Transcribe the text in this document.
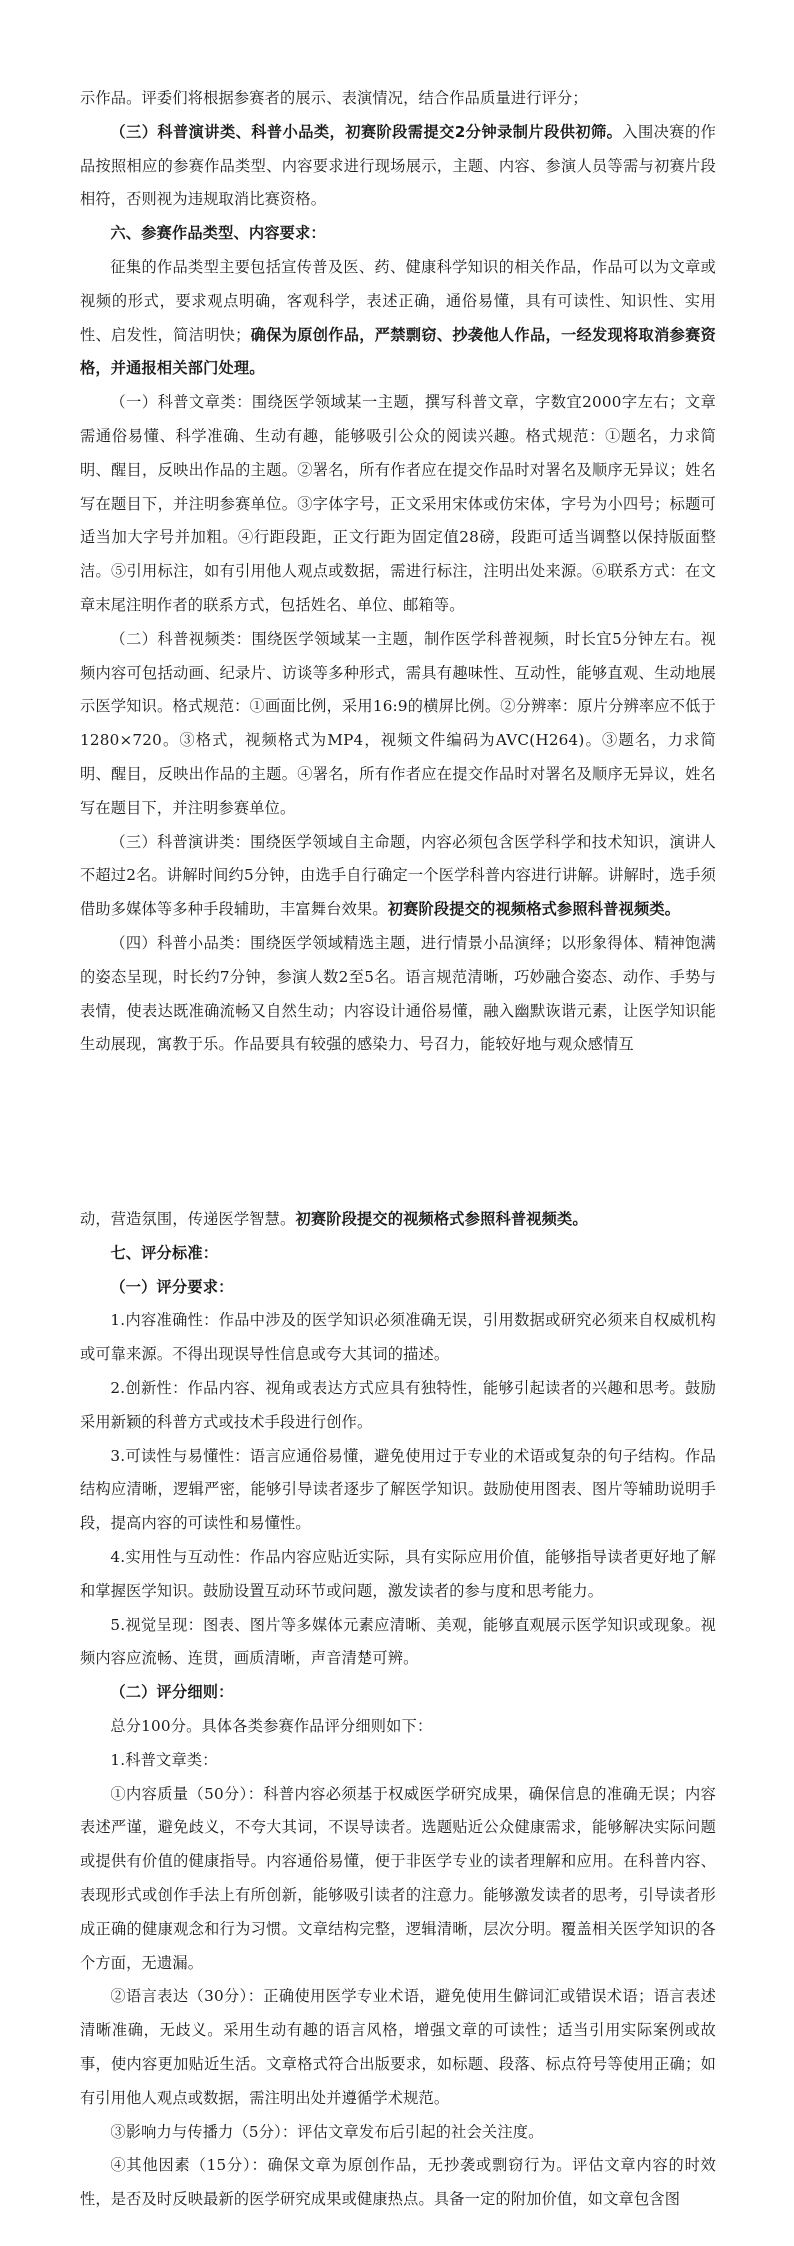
示作品。评委们将根据参赛者的展示、表演情况，结合作品质量进行评分；

（三）科普演讲类、科普小品类，初赛阶段需提交2分钟录制片段供初筛。入围决赛的作品按照相应的参赛作品类型、内容要求进行现场展示，主题、内容、参演人员等需与初赛片段相符，否则视为违规取消比赛资格。

六、参赛作品类型、内容要求：

征集的作品类型主要包括宣传普及医、药、健康科学知识的相关作品，作品可以为文章或视频的形式，要求观点明确，客观科学，表述正确，通俗易懂，具有可读性、知识性、实用性、启发性，简洁明快；确保为原创作品，严禁剽窃、抄袭他人作品，一经发现将取消参赛资格，并通报相关部门处理。

（一）科普文章类：围绕医学领域某一主题，撰写科普文章，字数宜2000字左右；文章需通俗易懂、科学准确、生动有趣，能够吸引公众的阅读兴趣。格式规范：①题名，力求简明、醒目，反映出作品的主题。②署名，所有作者应在提交作品时对署名及顺序无异议；姓名写在题目下，并注明参赛单位。③字体字号，正文采用宋体或仿宋体，字号为小四号；标题可适当加大字号并加粗。④行距段距，正文行距为固定值28磅，段距可适当调整以保持版面整洁。⑤引用标注，如有引用他人观点或数据，需进行标注，注明出处来源。⑥联系方式：在文章末尾注明作者的联系方式，包括姓名、单位、邮箱等。

（二）科普视频类：围绕医学领域某一主题，制作医学科普视频，时长宜5分钟左右。视频内容可包括动画、纪录片、访谈等多种形式，需具有趣味性、互动性，能够直观、生动地展示医学知识。格式规范：①画面比例，采用16:9的横屏比例。②分辨率：原片分辨率应不低于1280×720。③格式，视频格式为MP4，视频文件编码为AVC(H264)。③题名，力求简明、醒目，反映出作品的主题。④署名，所有作者应在提交作品时对署名及顺序无异议，姓名写在题目下，并注明参赛单位。

（三）科普演讲类：围绕医学领域自主命题，内容必须包含医学科学和技术知识，演讲人不超过2名。讲解时间约5分钟，由选手自行确定一个医学科普内容进行讲解。讲解时，选手须借助多媒体等多种手段辅助，丰富舞台效果。初赛阶段提交的视频格式参照科普视频类。

（四）科普小品类：围绕医学领域精选主题，进行情景小品演绎；以形象得体、精神饱满的姿态呈现，时长约7分钟，参演人数2至5名。语言规范清晰，巧妙融合姿态、动作、手势与表情，使表达既准确流畅又自然生动；内容设计通俗易懂，融入幽默诙谐元素，让医学知识能生动展现，寓教于乐。作品要具有较强的感染力、号召力，能较好地与观众感情互

动，营造氛围，传递医学智慧。初赛阶段提交的视频格式参照科普视频类。

七、评分标准：

（一）评分要求：

1.内容准确性：作品中涉及的医学知识必须准确无误，引用数据或研究必须来自权威机构或可靠来源。不得出现误导性信息或夸大其词的描述。

2.创新性：作品内容、视角或表达方式应具有独特性，能够引起读者的兴趣和思考。鼓励采用新颖的科普方式或技术手段进行创作。

3.可读性与易懂性：语言应通俗易懂，避免使用过于专业的术语或复杂的句子结构。作品结构应清晰，逻辑严密，能够引导读者逐步了解医学知识。鼓励使用图表、图片等辅助说明手段，提高内容的可读性和易懂性。

4.实用性与互动性：作品内容应贴近实际，具有实际应用价值，能够指导读者更好地了解和掌握医学知识。鼓励设置互动环节或问题，激发读者的参与度和思考能力。

5.视觉呈现：图表、图片等多媒体元素应清晰、美观，能够直观展示医学知识或现象。视频内容应流畅、连贯，画质清晰，声音清楚可辨。

（二）评分细则：

总分100分。具体各类参赛作品评分细则如下：

1.科普文章类：

①内容质量（50分）：科普内容必须基于权威医学研究成果，确保信息的准确无误；内容表述严谨，避免歧义，不夸大其词，不误导读者。选题贴近公众健康需求，能够解决实际问题或提供有价值的健康指导。内容通俗易懂，便于非医学专业的读者理解和应用。在科普内容、表现形式或创作手法上有所创新，能够吸引读者的注意力。能够激发读者的思考，引导读者形成正确的健康观念和行为习惯。文章结构完整，逻辑清晰，层次分明。覆盖相关医学知识的各个方面，无遗漏。

②语言表达（30分）：正确使用医学专业术语，避免使用生僻词汇或错误术语；语言表述清晰准确，无歧义。采用生动有趣的语言风格，增强文章的可读性；适当引用实际案例或故事，使内容更加贴近生活。文章格式符合出版要求，如标题、段落、标点符号等使用正确；如有引用他人观点或数据，需注明出处并遵循学术规范。

③影响力与传播力（5分）：评估文章发布后引起的社会关注度。

④其他因素（15分）：确保文章为原创作品，无抄袭或剽窃行为。评估文章内容的时效性，是否及时反映最新的医学研究成果或健康热点。具备一定的附加价值，如文章包含图
